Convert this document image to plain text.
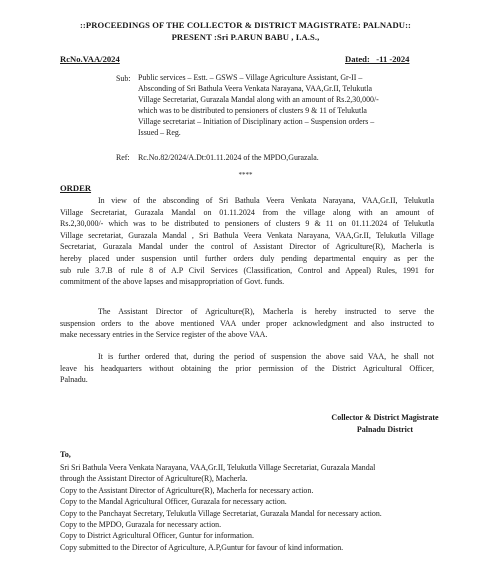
::PROCEEDINGS OF THE COLLECTOR & DISTRICT MAGISTRATE: PALNADU::
PRESENT :Sri P.ARUN BABU , I.A.S.,
RcNo.VAA/2024	Dated:   -11 -2024
Sub: Public services – Estt. – GSWS – Village Agriculture Assistant, Gr-II –
Absconding of Sri Bathula Veera Venkata Narayana, VAA,Gr.II, Telukutla
Village Secretariat, Gurazala Mandal along with an amount of Rs.2,30,000/-
which was to be distributed to pensioners of clusters 9 & 11 of Telukutla
Village secretariat – Initiation of Disciplinary action – Suspension orders –
Issued – Reg.
Ref: Rc.No.82/2024/A.Dt:01.11.2024 of the MPDO,Gurazala.
****
ORDER
In view of the absconding of Sri Bathula Veera Venkata Narayana, VAA,Gr.II, Telukutla
Village Secretariat, Gurazala Mandal on 01.11.2024 from the village along with an amount of
Rs.2,30,000/- which was to be distributed to pensioners of clusters 9 & 11 on 01.11.2024 of Telukutla
Village secretariat, Gurazala Mandal , Sri Bathula Veera Venkata Narayana, VAA,Gr.II, Telukutla Village
Secretariat, Gurazala Mandal under the control of Assistant Director of Agriculture(R), Macherla is
hereby placed under suspension until further orders duly pending departmental enquiry as per the
sub rule 3.7.B of rule 8 of A.P Civil Services (Classification, Control and Appeal) Rules, 1991 for
commitment of the above lapses and misappropriation of Govt. funds.
The Assistant Director of Agriculture(R), Macherla is hereby instructed to serve the
suspension orders to the above mentioned VAA under proper acknowledgment and also instructed to
make necessary entries in the Service register of the above VAA.
It is further ordered that, during the period of suspension the above said VAA, he shall not
leave his headquarters without obtaining the prior permission of the District Agricultural Officer,
Palnadu.
Collector & District Magistrate
Palnadu District
To,
Sri Sri Bathula Veera Venkata Narayana, VAA,Gr.II, Telukutla Village Secretariat, Gurazala Mandal
through the Assistant Director of Agriculture(R), Macherla.
Copy to the Assistant Director of Agriculture(R), Macherla for necessary action.
Copy to the Mandal Agricultural Officer, Gurazala for necessary action.
Copy to the Panchayat Secretary, Telukutla Village Secretariat, Gurazala Mandal for necessary action.
Copy to the MPDO, Gurazala for necessary action.
Copy to District Agricultural Officer, Guntur for information.
Copy submitted to the Director of Agriculture, A.P,Guntur for favour of kind information.
